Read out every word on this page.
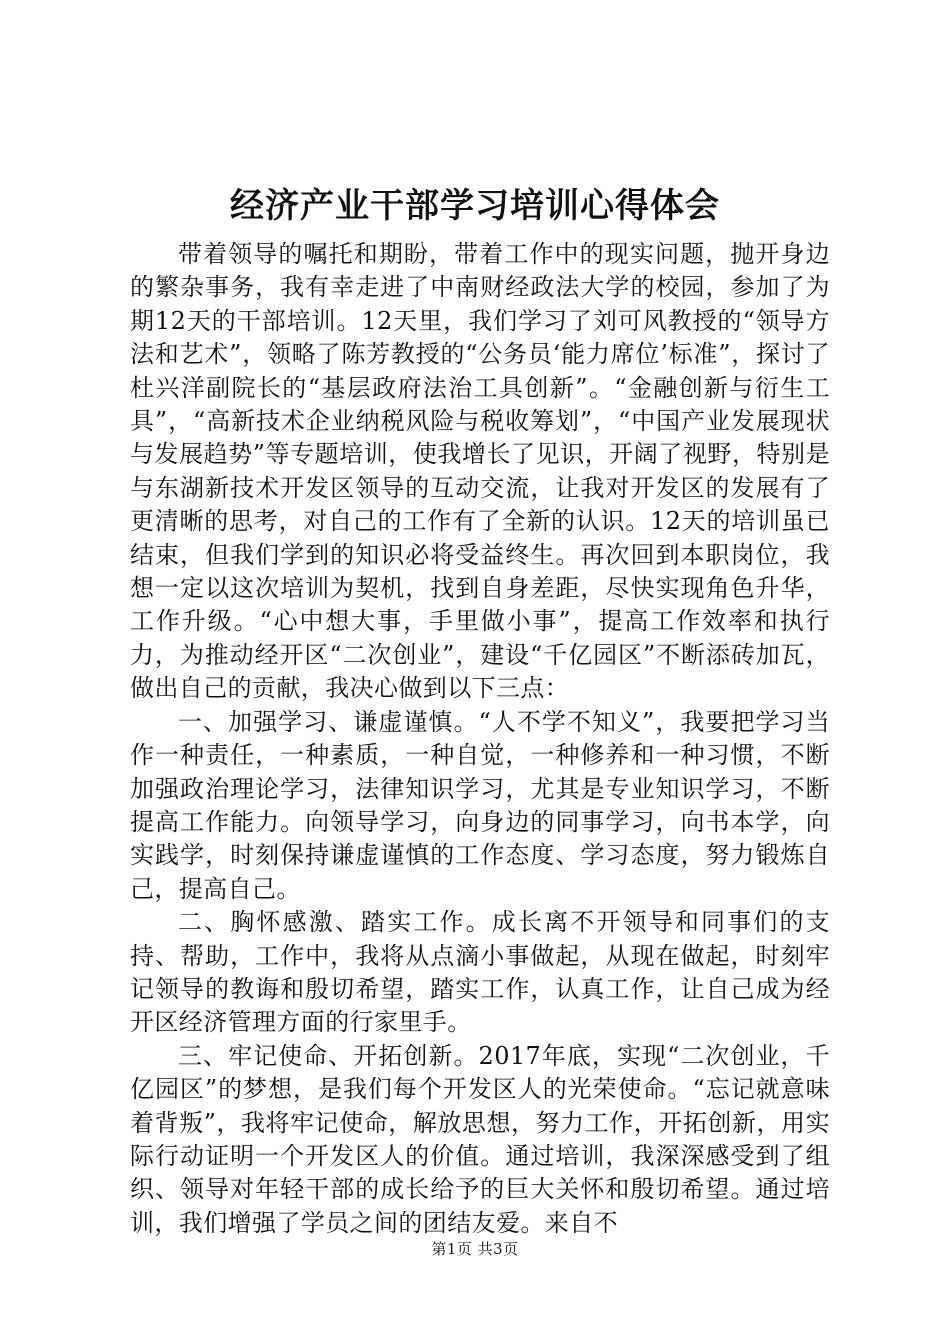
经济产业干部学习培训心得体会

带着领导的嘱托和期盼，带着工作中的现实问题，抛开身边的繁杂事务，我有幸走进了中南财经政法大学的校园，参加了为期12天的干部培训。12天里，我们学习了刘可风教授的“领导方法和艺术”，领略了陈芳教授的“公务员‘能力席位’标准”，探讨了杜兴洋副院长的“基层政府法治工具创新”。“金融创新与衍生工具”，“高新技术企业纳税风险与税收筹划”，“中国产业发展现状与发展趋势”等专题培训，使我增长了见识，开阔了视野，特别是与东湖新技术开发区领导的互动交流，让我对开发区的发展有了更清晰的思考，对自己的工作有了全新的认识。12天的培训虽已结束，但我们学到的知识必将受益终生。再次回到本职岗位，我想一定以这次培训为契机，找到自身差距，尽快实现角色升华，工作升级。“心中想大事，手里做小事”，提高工作效率和执行力，为推动经开区“二次创业”，建设“千亿园区”不断添砖加瓦，做出自己的贡献，我决心做到以下三点：

一、加强学习、谦虚谨慎。“人不学不知义”，我要把学习当作一种责任，一种素质，一种自觉，一种修养和一种习惯，不断加强政治理论学习，法律知识学习，尤其是专业知识学习，不断提高工作能力。向领导学习，向身边的同事学习，向书本学，向实践学，时刻保持谦虚谨慎的工作态度、学习态度，努力锻炼自己，提高自己。

二、胸怀感激、踏实工作。成长离不开领导和同事们的支持、帮助，工作中，我将从点滴小事做起，从现在做起，时刻牢记领导的教诲和殷切希望，踏实工作，认真工作，让自己成为经开区经济管理方面的行家里手。

三、牢记使命、开拓创新。2017年底，实现“二次创业，千亿园区”的梦想，是我们每个开发区人的光荣使命。“忘记就意味着背叛”，我将牢记使命，解放思想，努力工作，开拓创新，用实际行动证明一个开发区人的价值。通过培训，我深深感受到了组织、领导对年轻干部的成长给予的巨大关怀和殷切希望。通过培训，我们增强了学员之间的团结友爱。来自不

第1页 共3页
